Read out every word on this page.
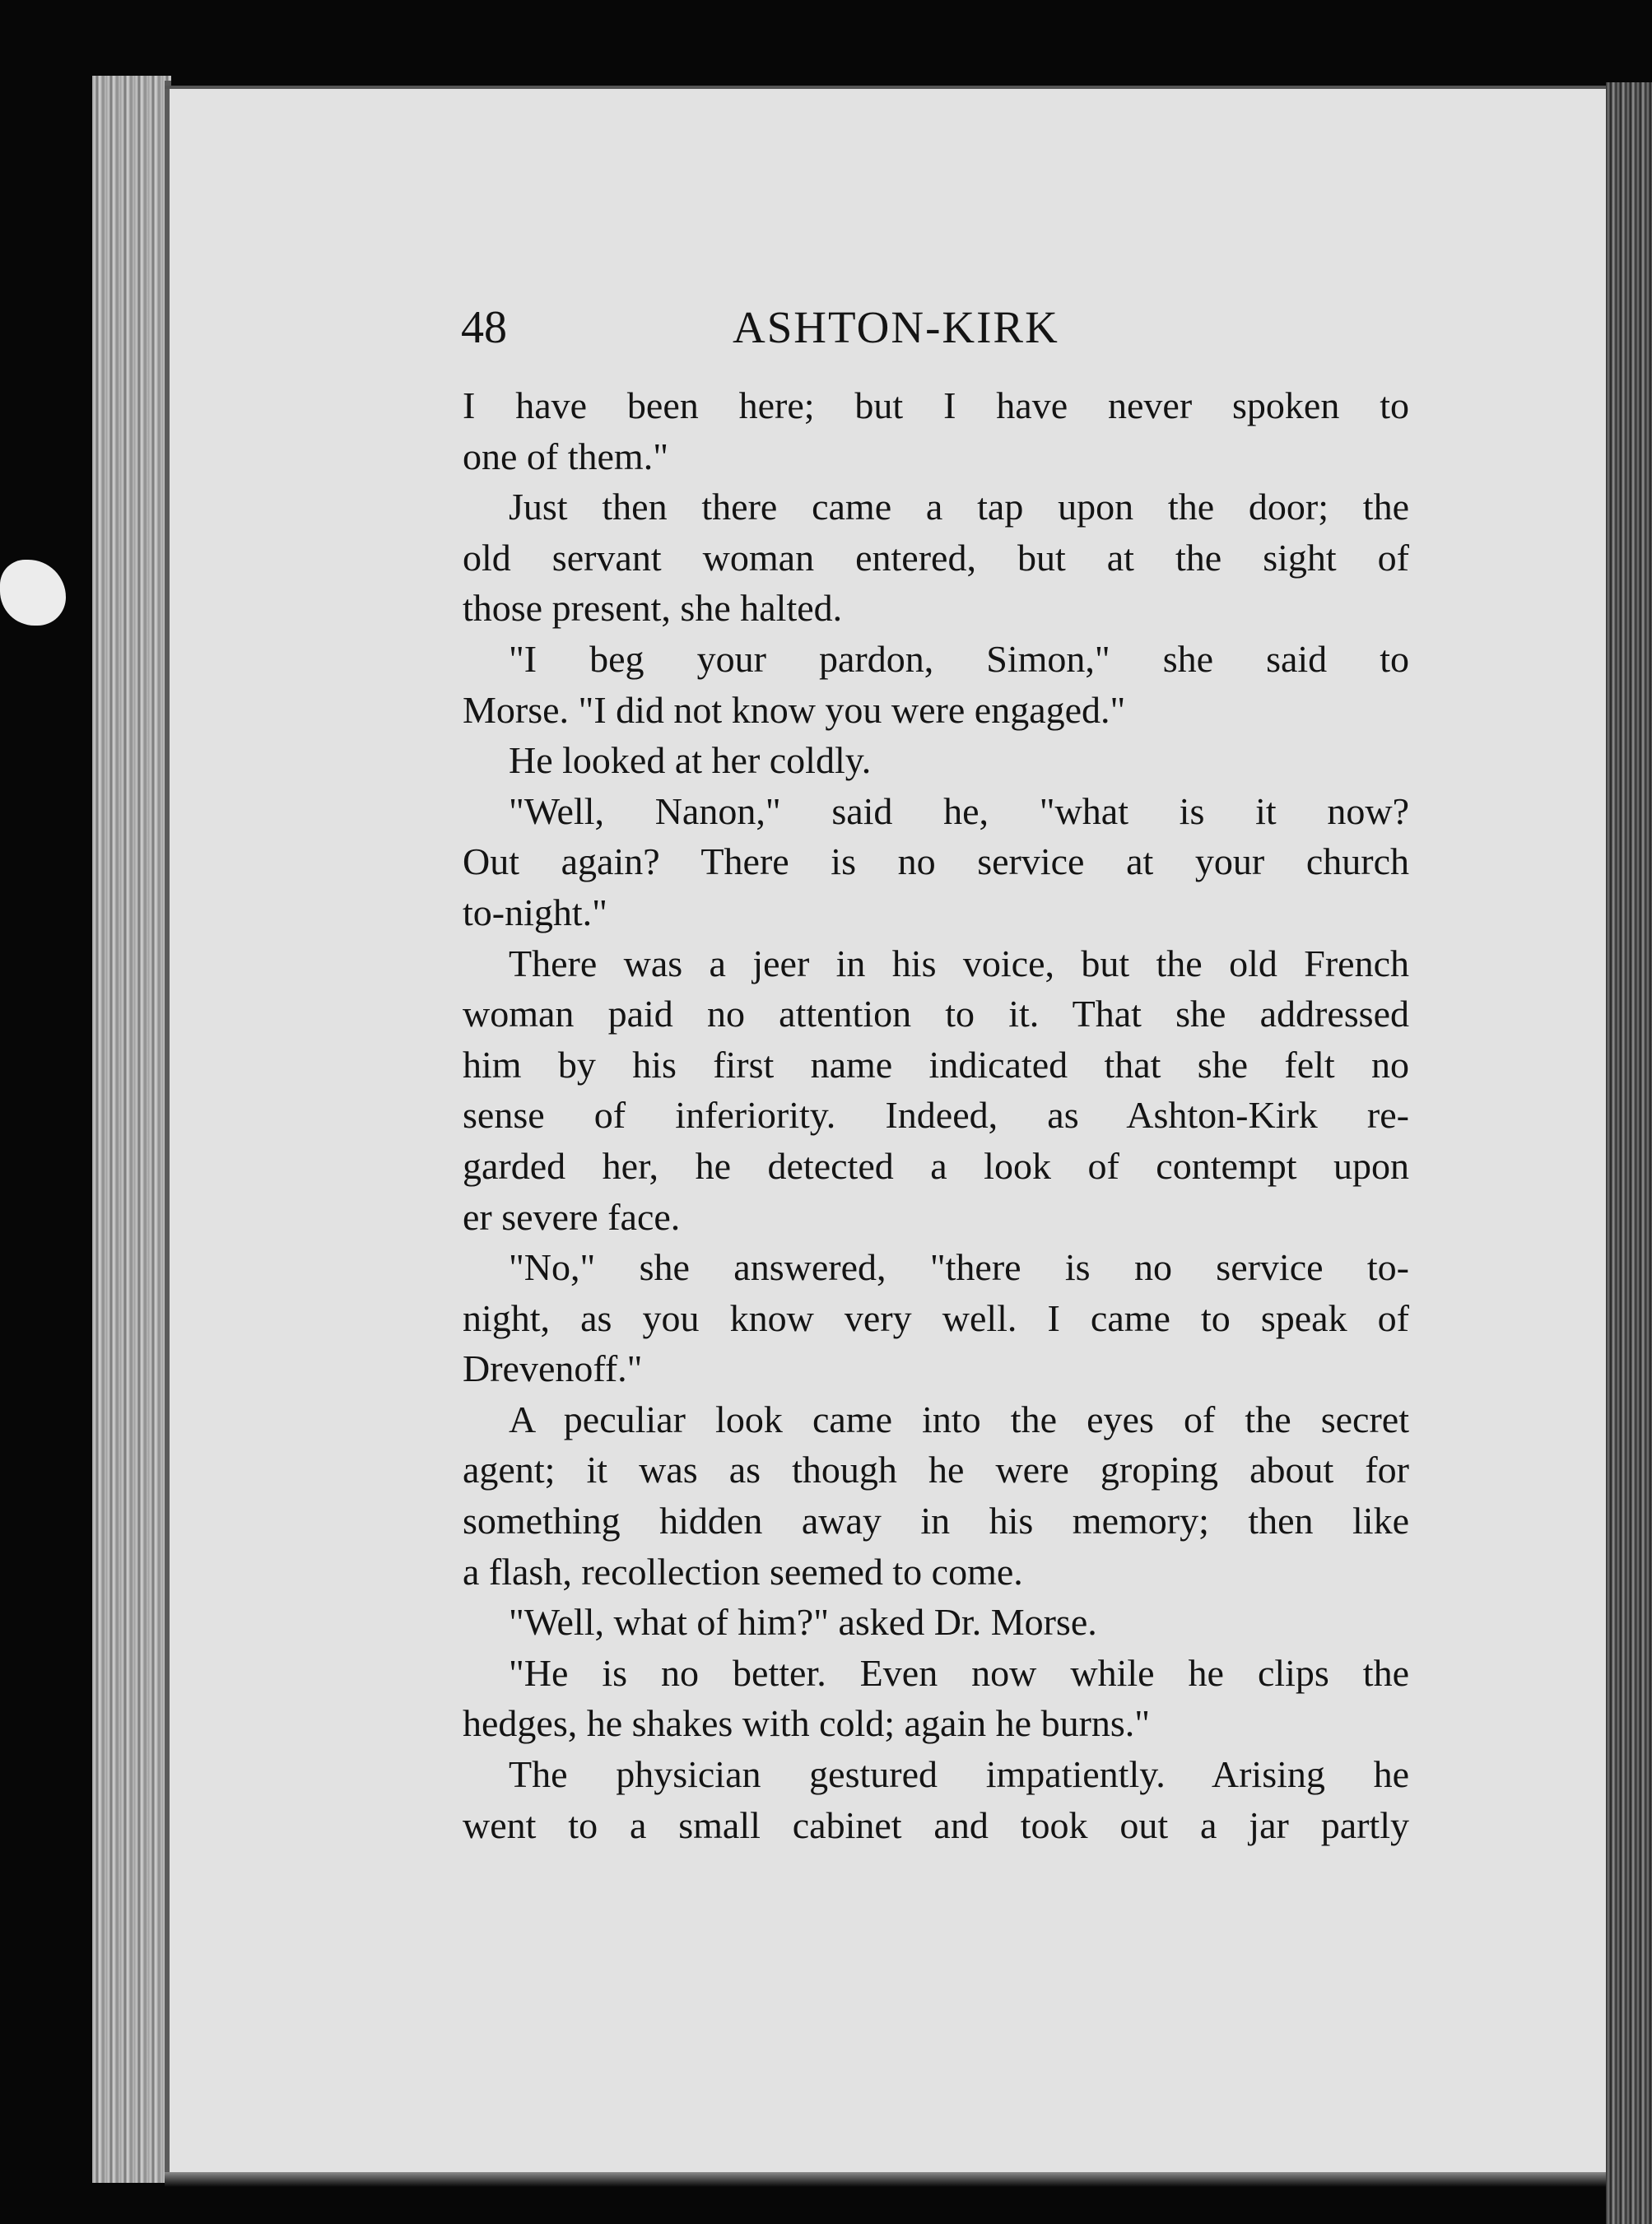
48	ASHTON-KIRK
I have been here; but I have never spoken to
one of them."
Just then there came a tap upon the door; the
old servant woman entered, but at the sight of
those present, she halted.
"I beg your pardon, Simon," she said to
Morse. "I did not know you were engaged."
He looked at her coldly.
"Well, Nanon," said he, "what is it now?
Out again? There is no service at your church
to-night."
There was a jeer in his voice, but the old French
woman paid no attention to it. That she addressed
him by his first name indicated that she felt no
sense of inferiority. Indeed, as Ashton-Kirk re-
garded her, he detected a look of contempt upon
er severe face.
"No," she answered, "there is no service to-
night, as you know very well. I came to speak of
Drevenoff."
A peculiar look came into the eyes of the secret
agent; it was as though he were groping about for
something hidden away in his memory; then like
a flash, recollection seemed to come.
"Well, what of him?" asked Dr. Morse.
"He is no better. Even now while he clips the
hedges, he shakes with cold; again he burns."
The physician gestured impatiently. Arising he
went to a small cabinet and took out a jar partly
